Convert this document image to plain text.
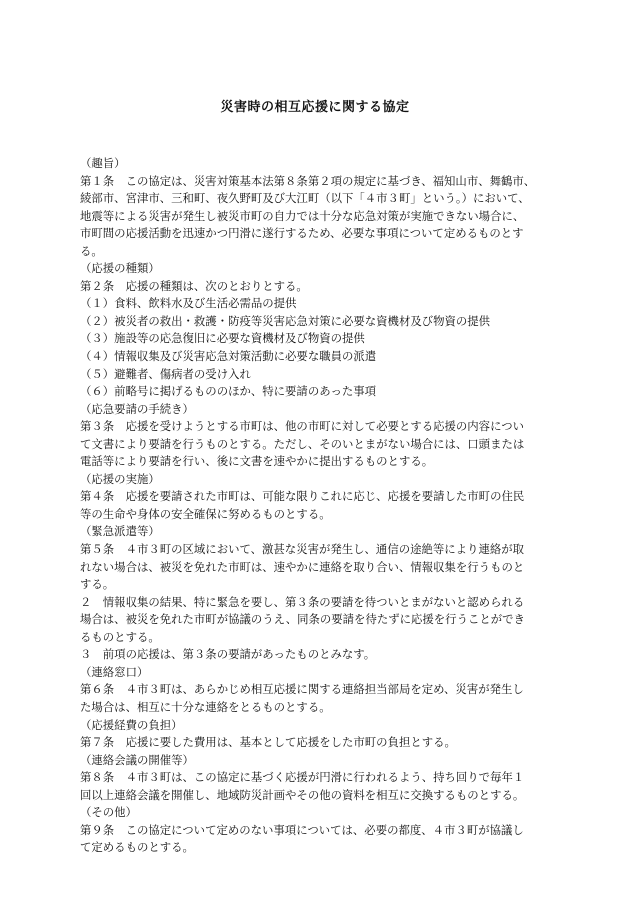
災害時の相互応援に関する協定
（趣旨）
第１条　この協定は、災害対策基本法第８条第２項の規定に基づき、福知山市、舞鶴市、
綾部市、宮津市、三和町、夜久野町及び大江町（以下「４市３町」という。）において、
地震等による災害が発生し被災市町の自力では十分な応急対策が実施できない場合に、
市町間の応援活動を迅速かつ円滑に遂行するため、必要な事項について定めるものとす
る。
（応援の種類）
第２条　応援の種類は、次のとおりとする。
（１）食料、飲料水及び生活必需品の提供
（２）被災者の救出・救護・防疫等災害応急対策に必要な資機材及び物資の提供
（３）施設等の応急復旧に必要な資機材及び物資の提供
（４）情報収集及び災害応急対策活動に必要な職員の派遣
（５）避難者、傷病者の受け入れ
（６）前略号に掲げるもののほか、特に要請のあった事項
（応急要請の手続き）
第３条　応援を受けようとする市町は、他の市町に対して必要とする応援の内容につい
て文書により要請を行うものとする。ただし、そのいとまがない場合には、口頭または
電話等により要請を行い、後に文書を速やかに提出するものとする。
（応援の実施）
第４条　応援を要請された市町は、可能な限りこれに応じ、応援を要請した市町の住民
等の生命や身体の安全確保に努めるものとする。
（緊急派遣等）
第５条　４市３町の区域において、激甚な災害が発生し、通信の途絶等により連絡が取
れない場合は、被災を免れた市町は、速やかに連絡を取り合い、情報収集を行うものと
する。
２　情報収集の結果、特に緊急を要し、第３条の要請を待ついとまがないと認められる
場合は、被災を免れた市町が協議のうえ、同条の要請を待たずに応援を行うことができ
るものとする。
３　前項の応援は、第３条の要請があったものとみなす。
（連絡窓口）
第６条　４市３町は、あらかじめ相互応援に関する連絡担当部局を定め、災害が発生し
た場合は、相互に十分な連絡をとるものとする。
（応援経費の負担）
第７条　応援に要した費用は、基本として応援をした市町の負担とする。
（連絡会議の開催等）
第８条　４市３町は、この協定に基づく応援が円滑に行われるよう、持ち回りで毎年１
回以上連絡会議を開催し、地域防災計画やその他の資料を相互に交換するものとする。
（その他）
第９条　この協定について定めのない事項については、必要の都度、４市３町が協議し
て定めるものとする。
